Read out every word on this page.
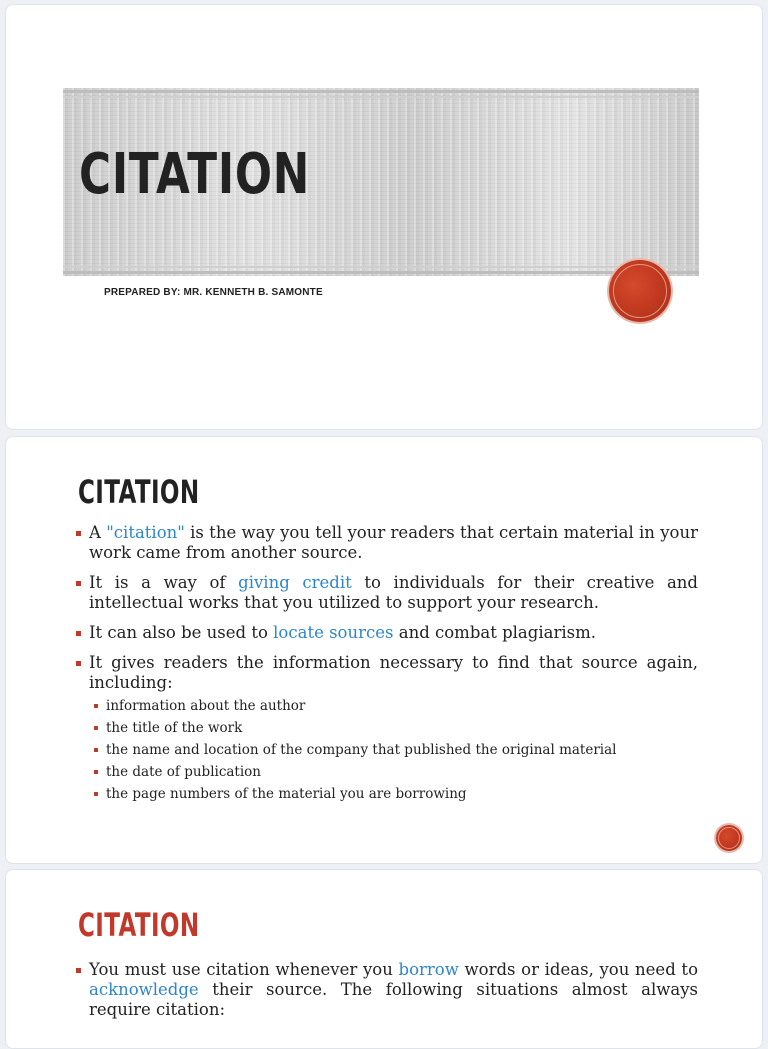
CITATION
PREPARED BY: MR. KENNETH B. SAMONTE
CITATION
A "citation" is the way you tell your readers that certain material in your work came from another source.
It is a way of giving credit to individuals for their creative and intellectual works that you utilized to support your research.
It can also be used to locate sources and combat plagiarism.
It gives readers the information necessary to find that source again, including:
information about the author
the title of the work
the name and location of the company that published the original material
the date of publication
the page numbers of the material you are borrowing
CITATION
You must use citation whenever you borrow words or ideas, you need to acknowledge their source. The following situations almost always require citation:
